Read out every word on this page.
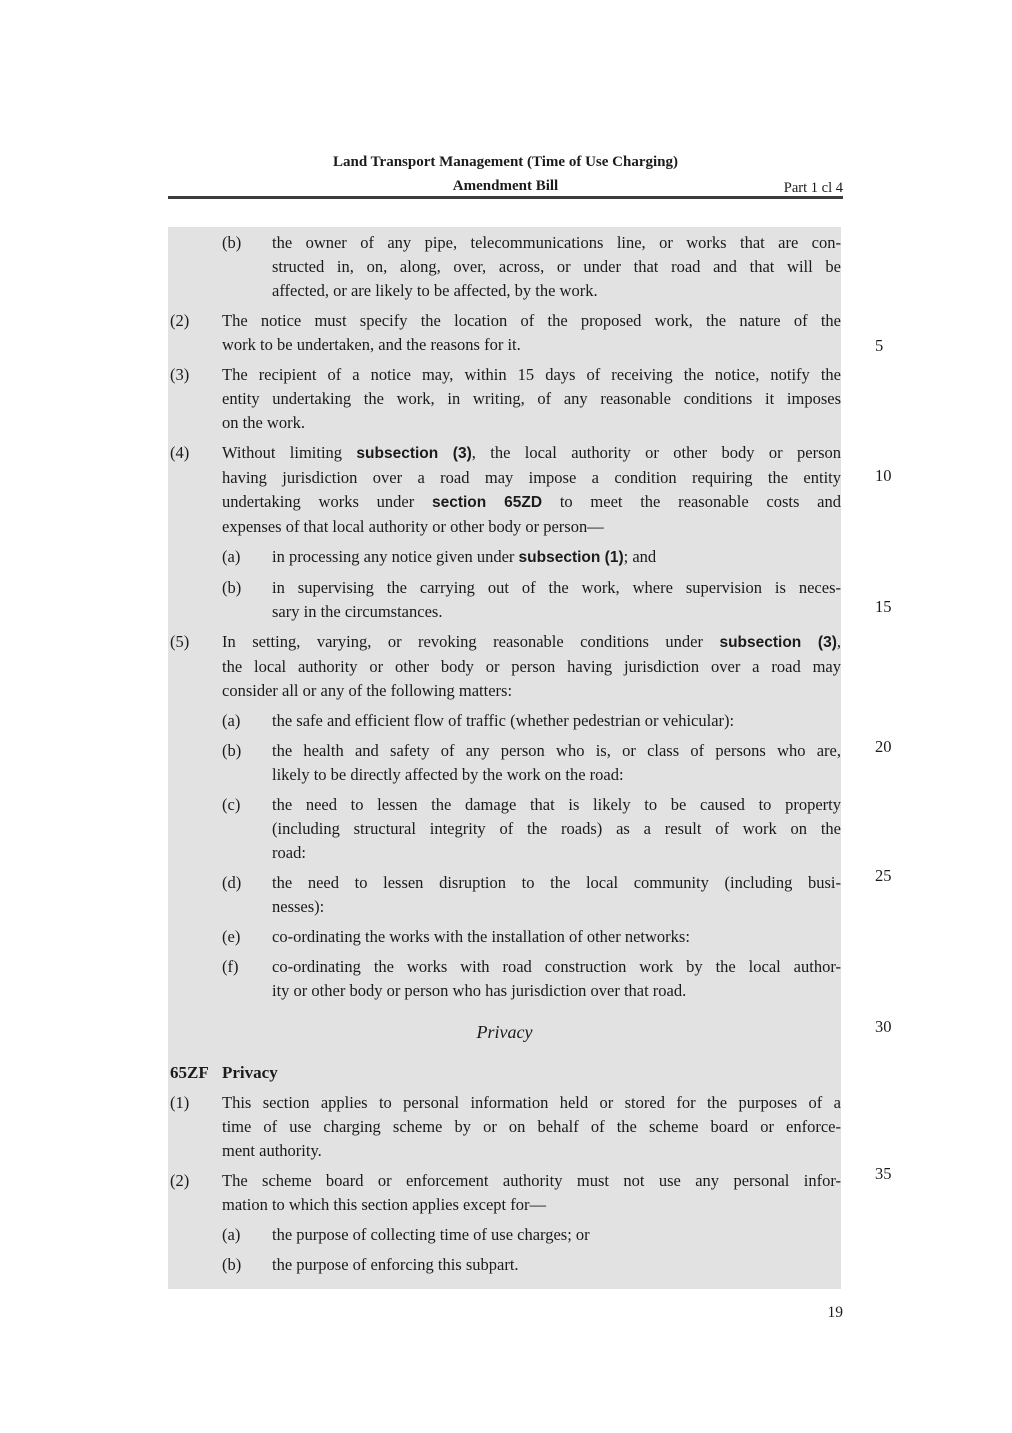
Land Transport Management (Time of Use Charging)
Amendment Bill	Part 1 cl 4
(b) the owner of any pipe, telecommunications line, or works that are con-
structed in, on, along, over, across, or under that road and that will be
affected, or are likely to be affected, by the work.
(2) The notice must specify the location of the proposed work, the nature of the
work to be undertaken, and the reasons for it.
(3) The recipient of a notice may, within 15 days of receiving the notice, notify the
entity undertaking the work, in writing, of any reasonable conditions it imposes
on the work.
(4) Without limiting subsection (3), the local authority or other body or person
having jurisdiction over a road may impose a condition requiring the entity
undertaking works under section 65ZD to meet the reasonable costs and
expenses of that local authority or other body or person—
(a) in processing any notice given under subsection (1); and
(b) in supervising the carrying out of the work, where supervision is neces-
sary in the circumstances.
(5) In setting, varying, or revoking reasonable conditions under subsection (3),
the local authority or other body or person having jurisdiction over a road may
consider all or any of the following matters:
(a) the safe and efficient flow of traffic (whether pedestrian or vehicular):
(b) the health and safety of any person who is, or class of persons who are,
likely to be directly affected by the work on the road:
(c) the need to lessen the damage that is likely to be caused to property
(including structural integrity of the roads) as a result of work on the
road:
(d) the need to lessen disruption to the local community (including busi-
nesses):
(e) co-ordinating the works with the installation of other networks:
(f) co-ordinating the works with road construction work by the local author-
ity or other body or person who has jurisdiction over that road.
Privacy
65ZF Privacy
(1) This section applies to personal information held or stored for the purposes of a
time of use charging scheme by or on behalf of the scheme board or enforce-
ment authority.
(2) The scheme board or enforcement authority must not use any personal infor-
mation to which this section applies except for—
(a) the purpose of collecting time of use charges; or
(b) the purpose of enforcing this subpart.
5
10
15
20
25
30
35
19
